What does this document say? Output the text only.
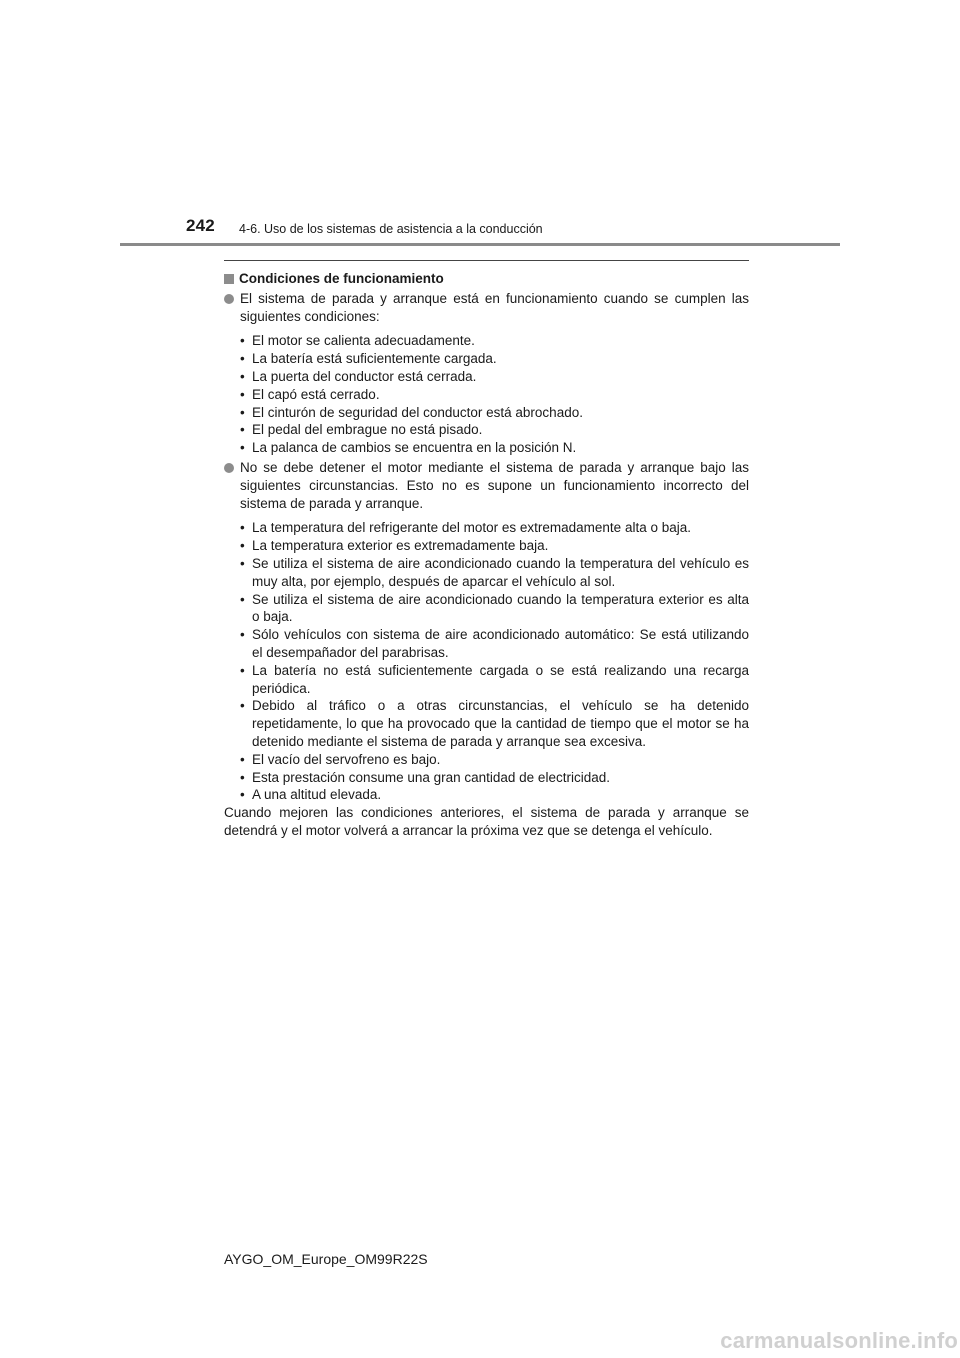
242 4-6. Uso de los sistemas de asistencia a la conducción
Condiciones de funcionamiento
El sistema de parada y arranque está en funcionamiento cuando se cumplen las siguientes condiciones:
• El motor se calienta adecuadamente.
• La batería está suficientemente cargada.
• La puerta del conductor está cerrada.
• El capó está cerrado.
• El cinturón de seguridad del conductor está abrochado.
• El pedal del embrague no está pisado.
• La palanca de cambios se encuentra en la posición N.
No se debe detener el motor mediante el sistema de parada y arranque bajo las siguientes circunstancias. Esto no es supone un funcionamiento incorrecto del sistema de parada y arranque.
• La temperatura del refrigerante del motor es extremadamente alta o baja.
• La temperatura exterior es extremadamente baja.
• Se utiliza el sistema de aire acondicionado cuando la temperatura del vehículo es muy alta, por ejemplo, después de aparcar el vehículo al sol.
• Se utiliza el sistema de aire acondicionado cuando la temperatura exterior es alta o baja.
• Sólo vehículos con sistema de aire acondicionado automático: Se está utilizando el desempañador del parabrisas.
• La batería no está suficientemente cargada o se está realizando una recarga periódica.
• Debido al tráfico o a otras circunstancias, el vehículo se ha detenido repetidamente, lo que ha provocado que la cantidad de tiempo que el motor se ha detenido mediante el sistema de parada y arranque sea excesiva.
• El vacío del servofreno es bajo.
• Esta prestación consume una gran cantidad de electricidad.
• A una altitud elevada.
Cuando mejoren las condiciones anteriores, el sistema de parada y arranque se detendrá y el motor volverá a arrancar la próxima vez que se detenga el vehículo.
AYGO_OM_Europe_OM99R22S
carmanualsonline.info
